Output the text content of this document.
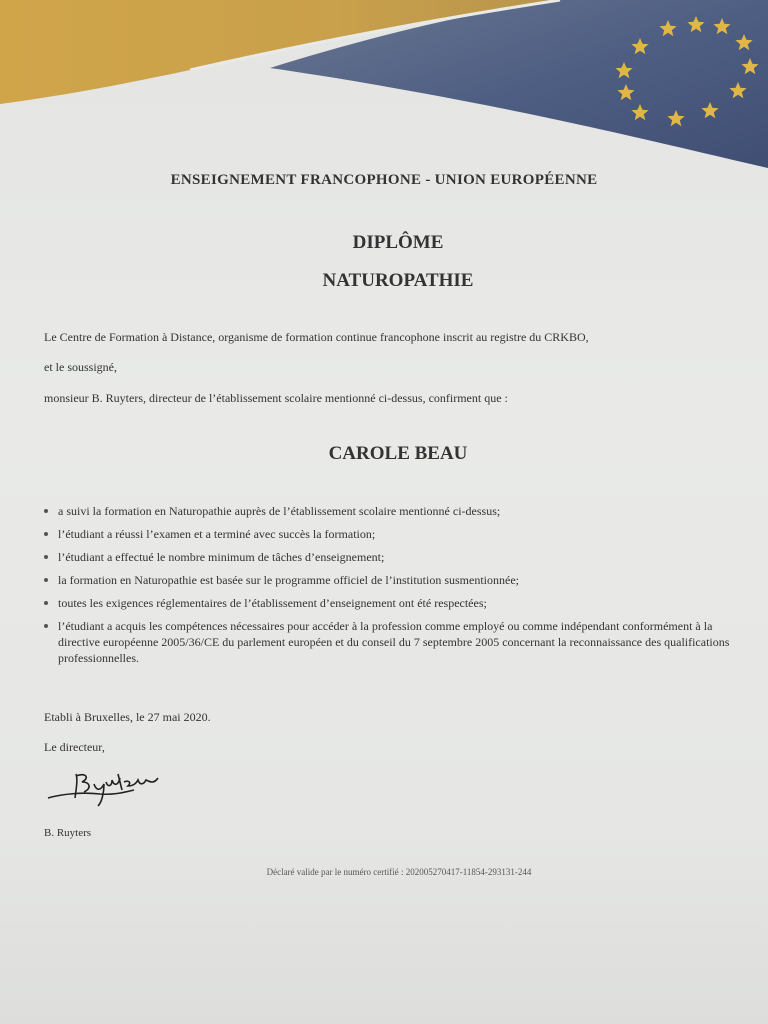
ENSEIGNEMENT FRANCOPHONE - UNION EUROPÉENNE
DIPLÔME
NATUROPATHIE
Le Centre de Formation à Distance, organisme de formation continue francophone inscrit au registre du CRKBO,
et le soussigné,
monsieur B. Ruyters, directeur de l’établissement scolaire mentionné ci-dessus, confirment que :
CAROLE BEAU
a suivi la formation en Naturopathie auprès de l’établissement scolaire mentionné ci-dessus;
l’étudiant a réussi l’examen et a terminé avec succès la formation;
l’étudiant a effectué le nombre minimum de tâches d’enseignement;
la formation en Naturopathie est basée sur le programme officiel de l’institution susmentionnée;
toutes les exigences réglementaires de l’établissement d’enseignement ont été respectées;
l’étudiant a acquis les compétences nécessaires pour accéder à la profession comme employé ou comme indépendant conformément à la directive européenne 2005/36/CE du parlement européen et du conseil du 7 septembre 2005 concernant la reconnaissance des qualifications professionnelles.
Etabli à Bruxelles, le 27 mai 2020.
Le directeur,
B. Ruyters
Déclaré valide par le numéro certifié : 202005270417-11854-293131-244
